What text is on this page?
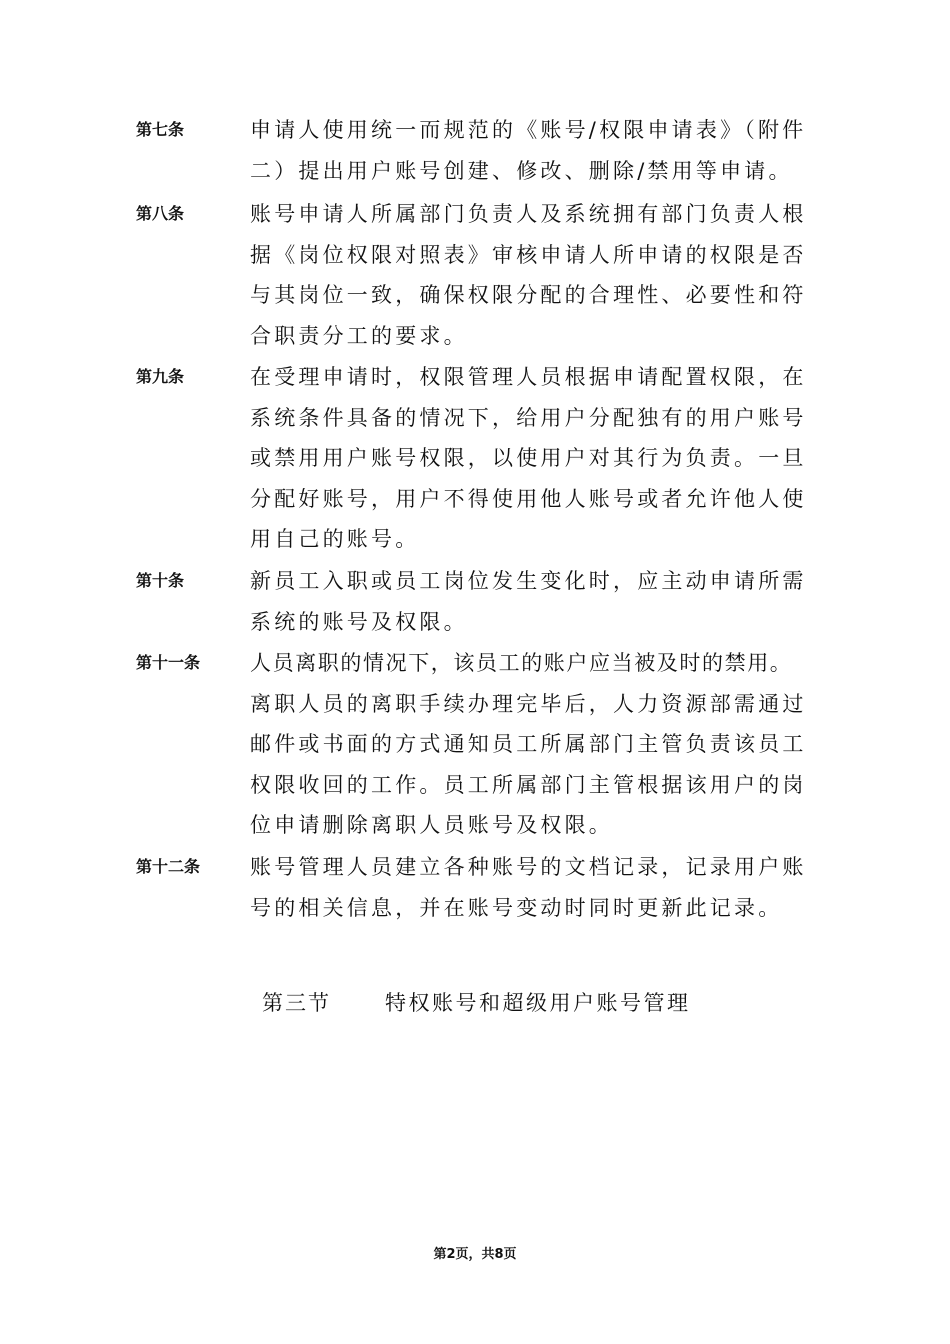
第七条	申请人使用统一而规范的《账号/权限申请表》（附件
二）提出用户账号创建、修改、删除/禁用等申请。
第八条	账号申请人所属部门负责人及系统拥有部门负责人根
据《岗位权限对照表》审核申请人所申请的权限是否
与其岗位一致，确保权限分配的合理性、必要性和符
合职责分工的要求。
第九条	在受理申请时，权限管理人员根据申请配置权限，在
系统条件具备的情况下，给用户分配独有的用户账号
或禁用用户账号权限，以使用户对其行为负责。一旦
分配好账号，用户不得使用他人账号或者允许他人使
用自己的账号。
第十条	新员工入职或员工岗位发生变化时，应主动申请所需
系统的账号及权限。
第十一条 人员离职的情况下，该员工的账户应当被及时的禁用。
离职人员的离职手续办理完毕后，人力资源部需通过
邮件或书面的方式通知员工所属部门主管负责该员工
权限收回的工作。员工所属部门主管根据该用户的岗
位申请删除离职人员账号及权限。
第十二条 账号管理人员建立各种账号的文档记录，记录用户账
号的相关信息，并在账号变动时同时更新此记录。
第三节	特权账号和超级用户账号管理
第2页，共8页
